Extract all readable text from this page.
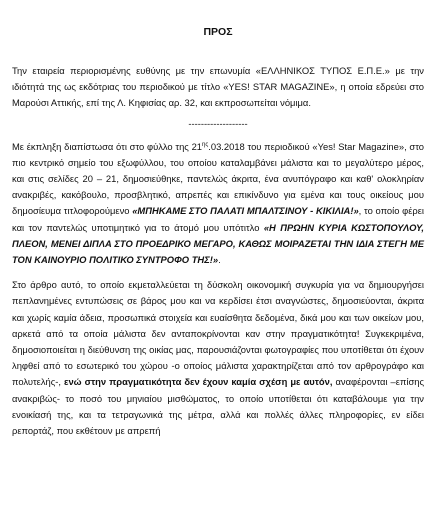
ΠΡΟΣ

Την εταιρεία περιορισμένης ευθύνης με την επωνυμία «ΕΛΛΗΝΙΚΟΣ ΤΥΠΟΣ Ε.Π.Ε.» με την ιδιότητά της ως εκδότριας του περιοδικού με τίτλο «YES! STAR MAGAZINE», η οποία εδρεύει στο Μαρούσι Αττικής, επί της Λ. Κηφισίας αρ. 32, και εκπροσωπείται νόμιμα.

-------------------

Με έκπληξη διαπίστωσα ότι στο φύλλο της $21^{\eta\varsigma}.03.2018$ του περιοδικού «Yes! Star Magazine», στο πιο κεντρικό σημείο του εξωφύλλου, του οποίου καταλαμβάνει μάλιστα και το μεγαλύτερο μέρος, και στις σελίδες 20 – 21, δημοσιεύθηκε, παντελώς άκριτα, ένα ανυπόγραφο και καθ' ολοκληρίαν ανακριβές, κακόβουλο, προσβλητικό, απρεπές και επικίνδυνο για εμένα και τους οικείους μου δημοσίευμα τιτλοφορούμενο «ΜΠΗΚΑΜΕ ΣΤΟ ΠΑΛΑΤΙ ΜΠΑΛΤΣΙΝΟΥ - ΚΙΚΙΛΙΑ!», το οποίο φέρει και τον παντελώς υποτιμητικό για το άτομό μου υπότιτλο «Η ΠΡΩΗΝ ΚΥΡΙΑ ΚΩΣΤΟΠΟΥΛΟΥ, ΠΛΕΟΝ, ΜΕΝΕΙ ΔΙΠΛΑ ΣΤΟ ΠΡΟΕΔΡΙΚΟ ΜΕΓΑΡΟ, ΚΑΘΩΣ ΜΟΙΡΑΖΕΤΑΙ ΤΗΝ ΙΔΙΑ ΣΤΕΓΗ ΜΕ ΤΟΝ ΚΑΙΝΟΥΡΙΟ ΠΟΛΙΤΙΚΟ ΣΥΝΤΡΟΦΟ ΤΗΣ!».

Στο άρθρο αυτό, το οποίο εκμεταλλεύεται τη δύσκολη οικονομική συγκυρία για να δημιουργήσει πεπλανημένες εντυπώσεις σε βάρος μου και να κερδίσει έτσι αναγνώστες, δημοσιεύονται, άκριτα και χωρίς καμία άδεια, προσωπικά στοιχεία και ευαίσθητα δεδομένα, δικά μου και των οικείων μου, αρκετά από τα οποία μάλιστα δεν ανταποκρίνονται καν στην πραγματικότητα! Συγκεκριμένα, δημοσιοποιείται η διεύθυνση της οικίας μας, παρουσιάζονται φωτογραφίες που υποτίθεται ότι έχουν ληφθεί από το εσωτερικό του χώρου -ο οποίος μάλιστα χαρακτηρίζεται από τον αρθρογράφο και πολυτελής-, ενώ στην πραγματικότητα δεν έχουν καμία σχέση με αυτόν, αναφέρονται –επίσης ανακριβώς- το ποσό του μηνιαίου μισθώματος, το οποίο υποτίθεται ότι καταβάλουμε για την ενοικίασή της, και τα τετραγωνικά της μέτρα, αλλά και πολλές άλλες πληροφορίες, εν είδει ρεπορτάζ, που εκθέτουν με απρεπή
